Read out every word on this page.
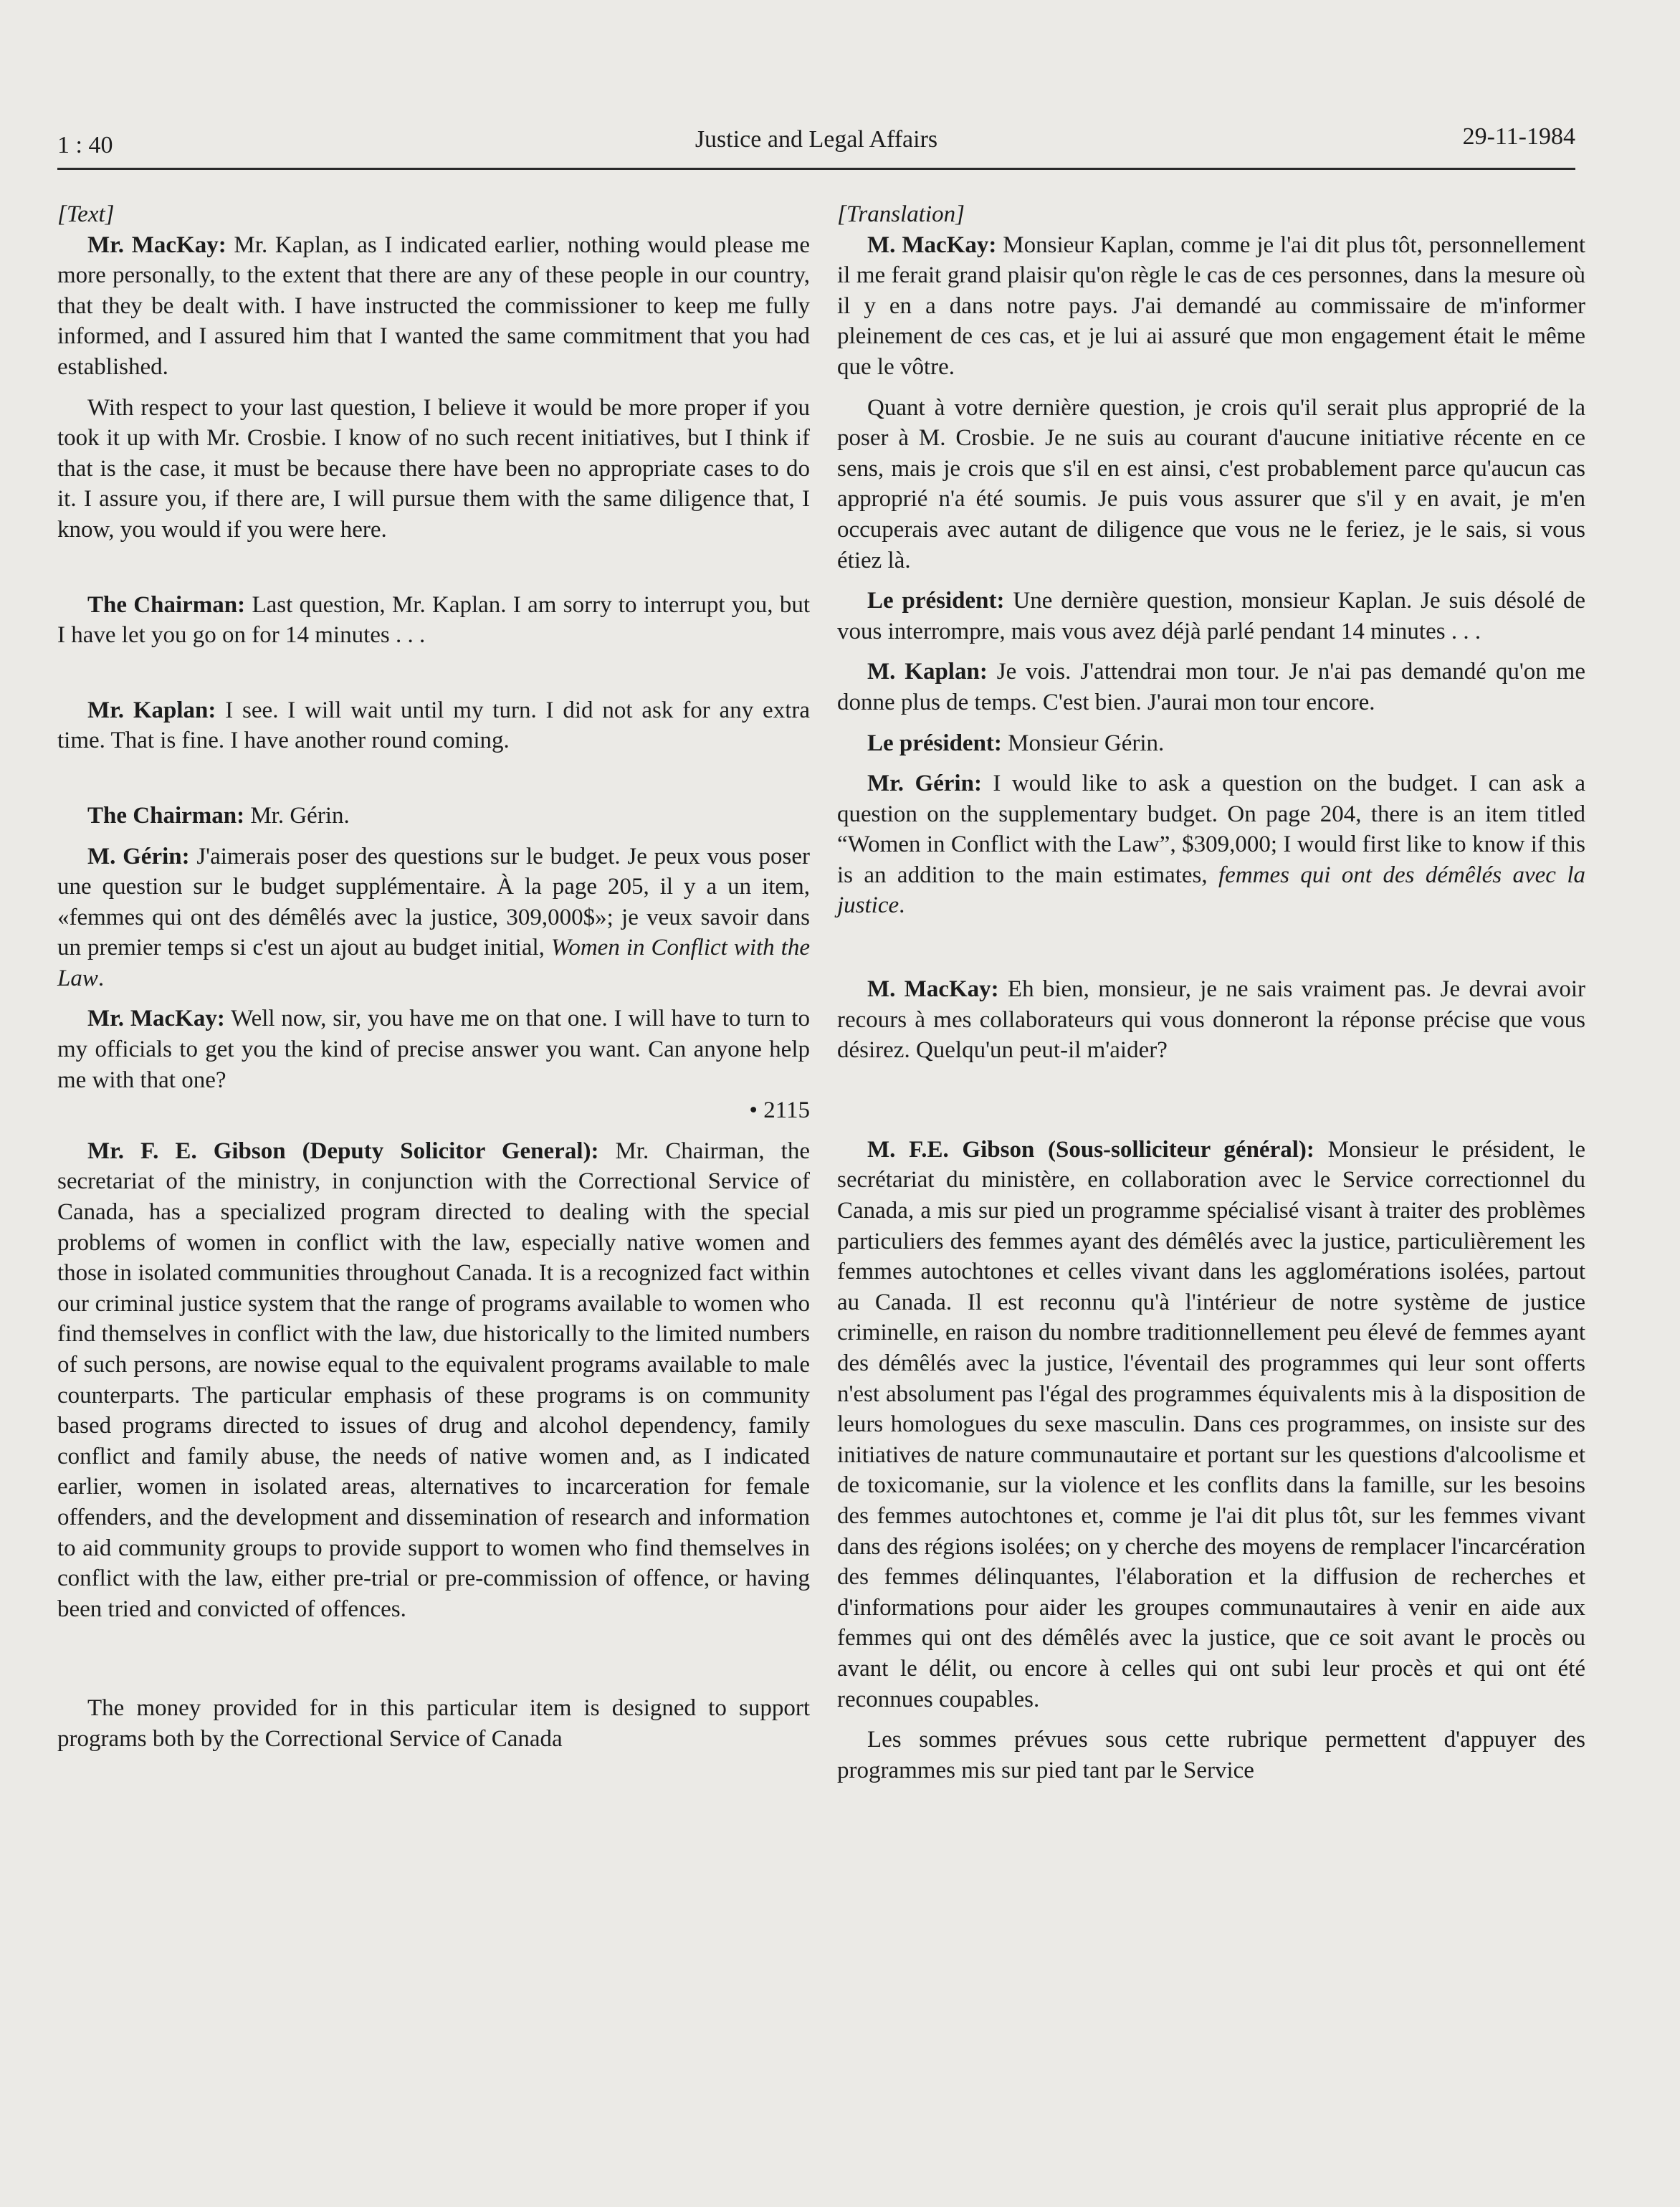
1 : 40	Justice and Legal Affairs	29-11-1984

[Text]

Mr. MacKay: Mr. Kaplan, as I indicated earlier, nothing would please me more personally, to the extent that there are any of these people in our country, that they be dealt with. I have instructed the commissioner to keep me fully informed, and I assured him that I wanted the same commitment that you had established.

With respect to your last question, I believe it would be more proper if you took it up with Mr. Crosbie. I know of no such recent initiatives, but I think if that is the case, it must be because there have been no appropriate cases to do it. I assure you, if there are, I will pursue them with the same diligence that, I know, you would if you were here.

The Chairman: Last question, Mr. Kaplan. I am sorry to interrupt you, but I have let you go on for 14 minutes . . .

Mr. Kaplan: I see. I will wait until my turn. I did not ask for any extra time. That is fine. I have another round coming.

The Chairman: Mr. Gérin.

M. Gérin: J'aimerais poser des questions sur le budget. Je peux vous poser une question sur le budget supplémentaire. À la page 205, il y a un item, «femmes qui ont des démêlés avec la justice, 309,000$»; je veux savoir dans un premier temps si c'est un ajout au budget initial, Women in Conflict with the Law.

Mr. MacKay: Well now, sir, you have me on that one. I will have to turn to my officials to get you the kind of precise answer you want. Can anyone help me with that one?

• 2115

Mr. F. E. Gibson (Deputy Solicitor General): Mr. Chairman, the secretariat of the ministry, in conjunction with the Correctional Service of Canada, has a specialized program directed to dealing with the special problems of women in conflict with the law, especially native women and those in isolated communities throughout Canada. It is a recognized fact within our criminal justice system that the range of programs available to women who find themselves in conflict with the law, due historically to the limited numbers of such persons, are nowise equal to the equivalent programs available to male counterparts. The particular emphasis of these programs is on community based programs directed to issues of drug and alcohol dependency, family conflict and family abuse, the needs of native women and, as I indicated earlier, women in isolated areas, alternatives to incarceration for female offenders, and the development and dissemination of research and information to aid community groups to provide support to women who find themselves in conflict with the law, either pre-trial or pre-commission of offence, or having been tried and convicted of offences.

The money provided for in this particular item is designed to support programs both by the Correctional Service of Canada

[Translation]

M. MacKay: Monsieur Kaplan, comme je l'ai dit plus tôt, personnellement il me ferait grand plaisir qu'on règle le cas de ces personnes, dans la mesure où il y en a dans notre pays. J'ai demandé au commissaire de m'informer pleinement de ces cas, et je lui ai assuré que mon engagement était le même que le vôtre.

Quant à votre dernière question, je crois qu'il serait plus approprié de la poser à M. Crosbie. Je ne suis au courant d'aucune initiative récente en ce sens, mais je crois que s'il en est ainsi, c'est probablement parce qu'aucun cas approprié n'a été soumis. Je puis vous assurer que s'il y en avait, je m'en occuperais avec autant de diligence que vous ne le feriez, je le sais, si vous étiez là.

Le président: Une dernière question, monsieur Kaplan. Je suis désolé de vous interrompre, mais vous avez déjà parlé pendant 14 minutes . . .

M. Kaplan: Je vois. J'attendrai mon tour. Je n'ai pas demandé qu'on me donne plus de temps. C'est bien. J'aurai mon tour encore.

Le président: Monsieur Gérin.

Mr. Gérin: I would like to ask a question on the budget. I can ask a question on the supplementary budget. On page 204, there is an item titled “Women in Conflict with the Law”, $309,000; I would first like to know if this is an addition to the main estimates, femmes qui ont des démêlés avec la justice.

M. MacKay: Eh bien, monsieur, je ne sais vraiment pas. Je devrai avoir recours à mes collaborateurs qui vous donneront la réponse précise que vous désirez. Quelqu'un peut-il m'aider?

M. F.E. Gibson (Sous-solliciteur général): Monsieur le président, le secrétariat du ministère, en collaboration avec le Service correctionnel du Canada, a mis sur pied un programme spécialisé visant à traiter des problèmes particuliers des femmes ayant des démêlés avec la justice, particulièrement les femmes autochtones et celles vivant dans les agglomérations isolées, partout au Canada. Il est reconnu qu'à l'intérieur de notre système de justice criminelle, en raison du nombre traditionnellement peu élevé de femmes ayant des démêlés avec la justice, l'éventail des programmes qui leur sont offerts n'est absolument pas l'égal des programmes équivalents mis à la disposition de leurs homologues du sexe masculin. Dans ces programmes, on insiste sur des initiatives de nature communautaire et portant sur les questions d'alcoolisme et de toxicomanie, sur la violence et les conflits dans la famille, sur les besoins des femmes autochtones et, comme je l'ai dit plus tôt, sur les femmes vivant dans des régions isolées; on y cherche des moyens de remplacer l'incarcération des femmes délinquantes, l'élaboration et la diffusion de recherches et d'informations pour aider les groupes communautaires à venir en aide aux femmes qui ont des démêlés avec la justice, que ce soit avant le procès ou avant le délit, ou encore à celles qui ont subi leur procès et qui ont été reconnues coupables.

Les sommes prévues sous cette rubrique permettent d'appuyer des programmes mis sur pied tant par le Service
